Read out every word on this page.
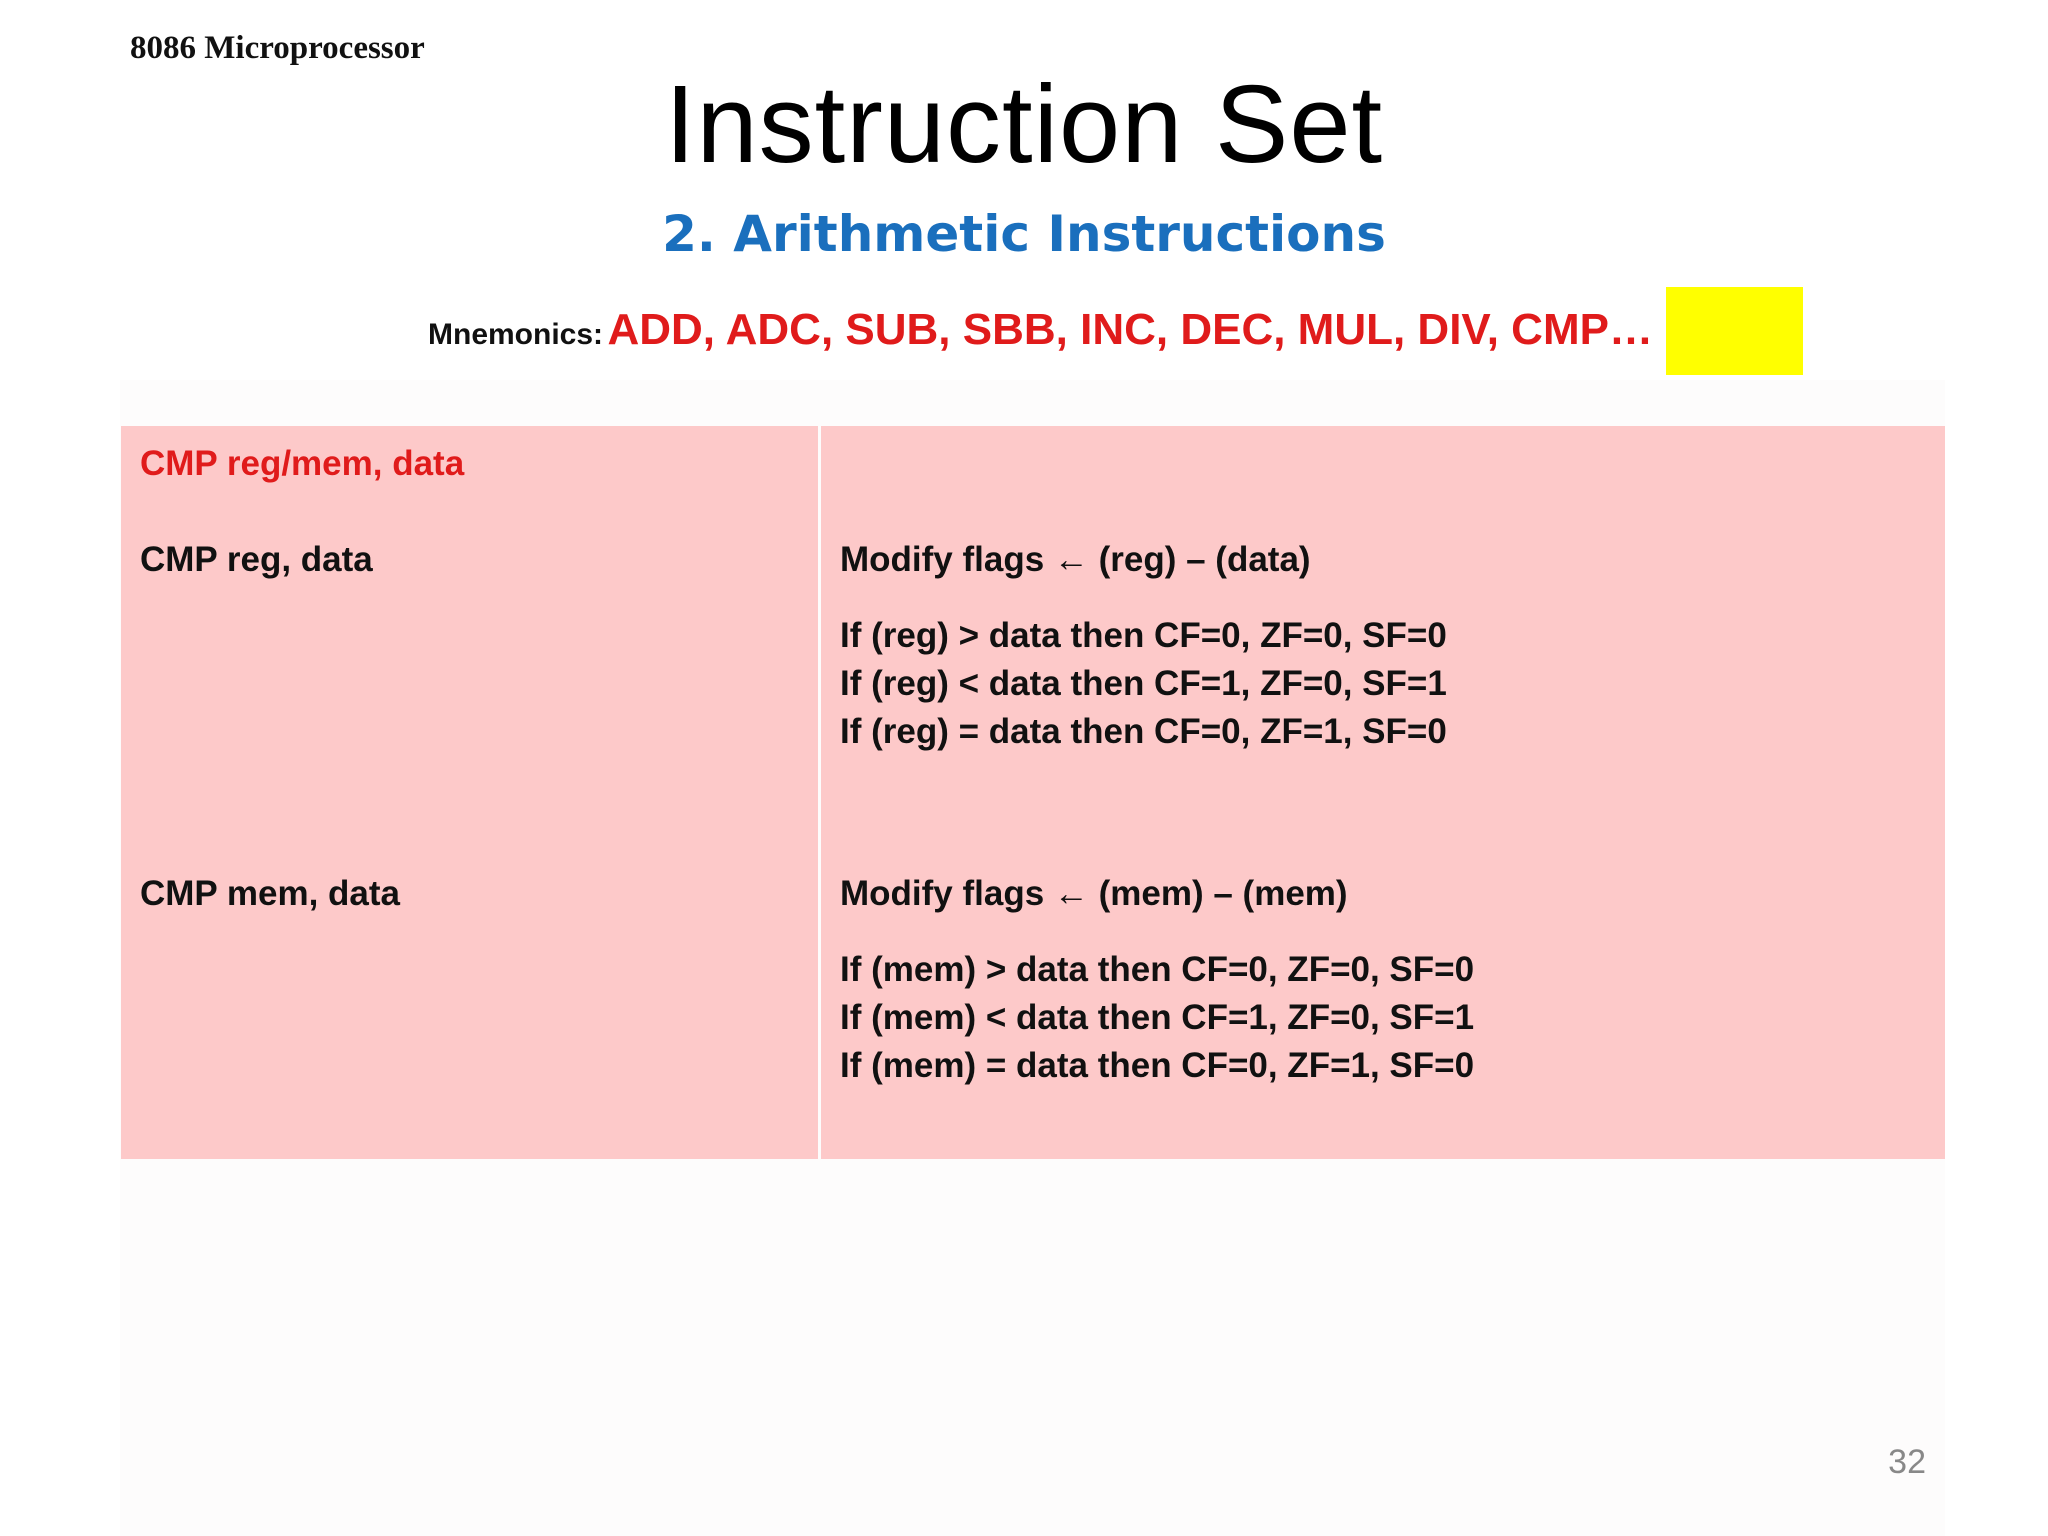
8086 Microprocessor
Instruction Set
2. Arithmetic Instructions
Mnemonics: ADD, ADC, SUB, SBB, INC, DEC, MUL, DIV, CMP…
CMP reg/mem, data
CMP reg, data
CMP mem, data
Modify flags ← (reg) – (data)
If (reg) > data then CF=0, ZF=0, SF=0
If (reg) < data then CF=1, ZF=0, SF=1
If (reg) = data then CF=0, ZF=1, SF=0
Modify flags ← (mem) – (mem)
If (mem) > data then CF=0, ZF=0, SF=0
If (mem) < data then CF=1, ZF=0, SF=1
If (mem) = data then CF=0, ZF=1, SF=0
32
